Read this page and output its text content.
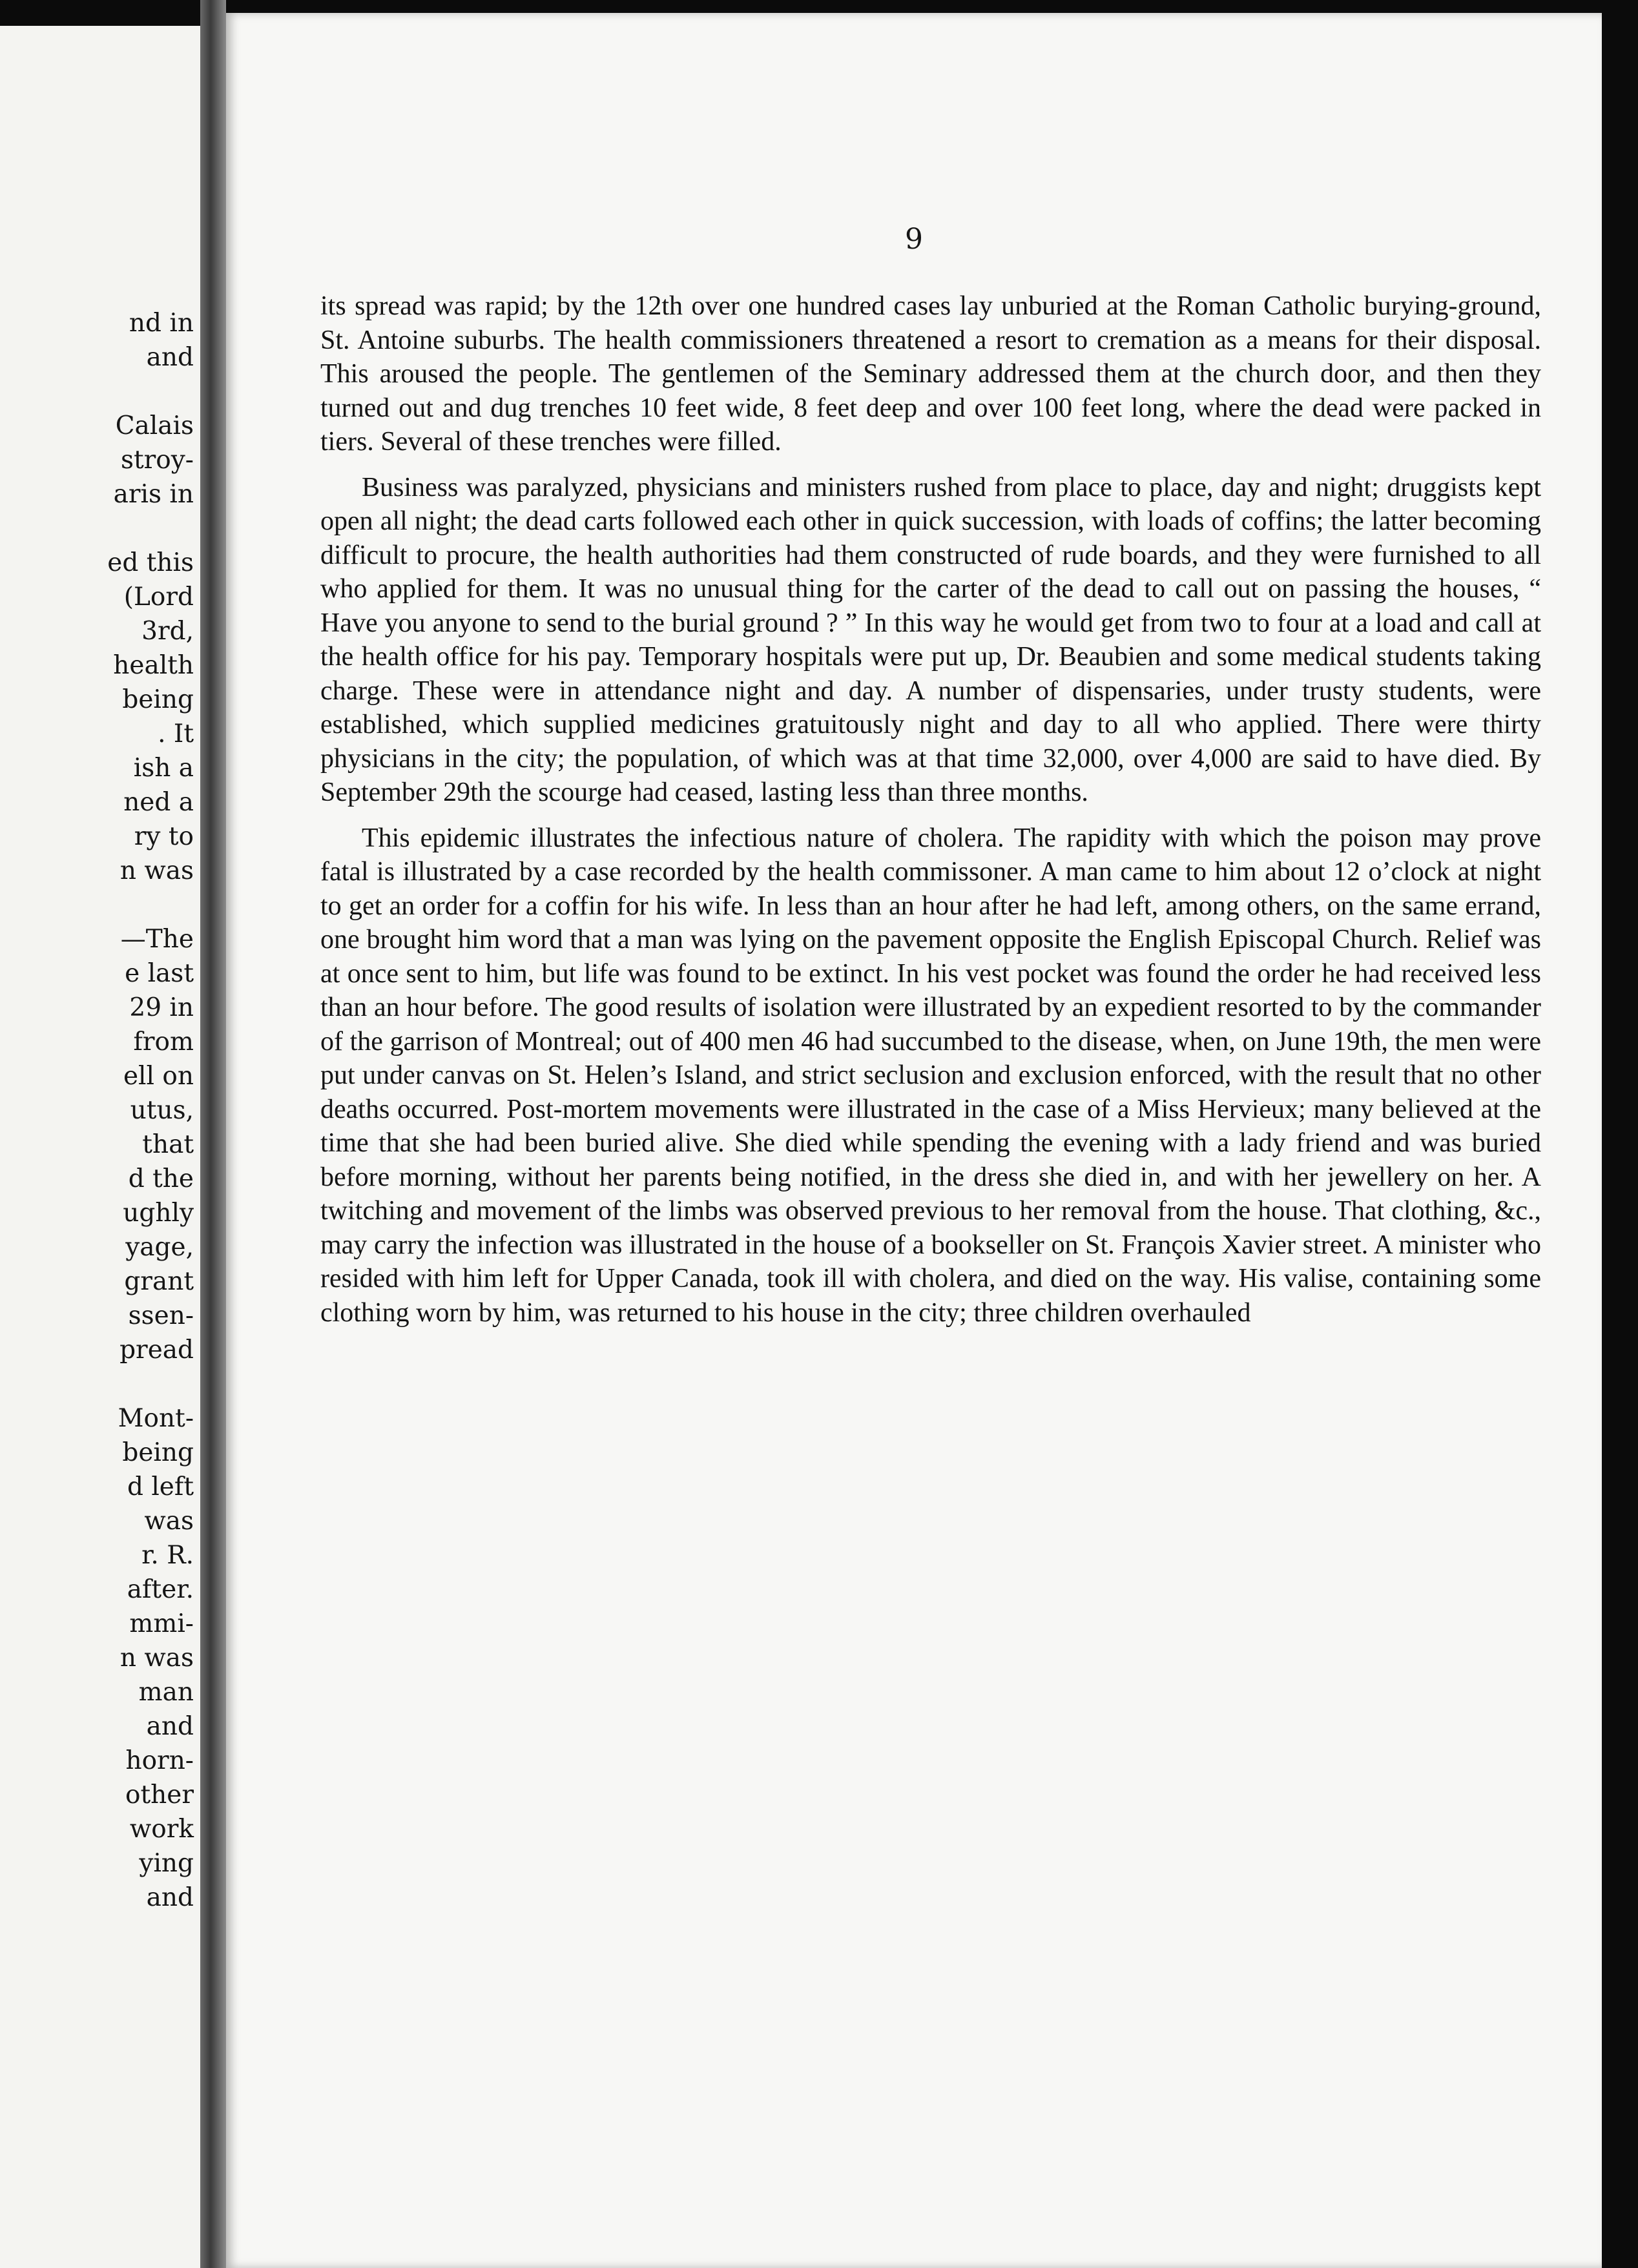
nd in
and
Calais
stroy-
aris in
ed this
(Lord
3rd,
health
being
. It
ish a
ned a
ry to
n was
—The
e last
29 in
from
ell on
utus,
that
d the
ughly
yage,
grant
ssen-
pread
Mont-
being
d left
was
r. R.
after.
mmi-
n was
man
and
horn-
other
work
ying
and
9

its spread was rapid; by the 12th over one hundred cases lay unburied at the Roman Catholic burying-ground, St. Antoine suburbs. The health commissioners threatened a resort to cremation as a means for their disposal. This aroused the people. The gentlemen of the Seminary addressed them at the church door, and then they turned out and dug trenches 10 feet wide, 8 feet deep and over 100 feet long, where the dead were packed in tiers. Several of these trenches were filled.

Business was paralyzed, physicians and ministers rushed from place to place, day and night; druggists kept open all night; the dead carts followed each other in quick succession, with loads of coffins; the latter becoming difficult to procure, the health authorities had them constructed of rude boards, and they were furnished to all who applied for them. It was no unusual thing for the carter of the dead to call out on passing the houses, “ Have you anyone to send to the burial ground ? ” In this way he would get from two to four at a load and call at the health office for his pay. Temporary hospitals were put up, Dr. Beaubien and some medical students taking charge. These were in attendance night and day. A number of dispensaries, under trusty students, were established, which supplied medicines gratuitously night and day to all who applied. There were thirty physicians in the city; the population, of which was at that time 32,000, over 4,000 are said to have died. By September 29th the scourge had ceased, lasting less than three months.

This epidemic illustrates the infectious nature of cholera. The rapidity with which the poison may prove fatal is illustrated by a case recorded by the health commissoner. A man came to him about 12 o’clock at night to get an order for a coffin for his wife. In less than an hour after he had left, among others, on the same errand, one brought him word that a man was lying on the pavement opposite the English Episcopal Church. Relief was at once sent to him, but life was found to be extinct. In his vest pocket was found the order he had received less than an hour before. The good results of isolation were illustrated by an expedient resorted to by the commander of the garrison of Montreal; out of 400 men 46 had succumbed to the disease, when, on June 19th, the men were put under canvas on St. Helen’s Island, and strict seclusion and exclusion enforced, with the result that no other deaths occurred. Post-mortem movements were illustrated in the case of a Miss Hervieux; many believed at the time that she had been buried alive. She died while spending the evening with a lady friend and was buried before morning, without her parents being notified, in the dress she died in, and with her jewellery on her. A twitching and movement of the limbs was observed previous to her removal from the house. That clothing, &c., may carry the infection was illustrated in the house of a bookseller on St. François Xavier street. A minister who resided with him left for Upper Canada, took ill with cholera, and died on the way. His valise, containing some clothing worn by him, was returned to his house in the city; three children overhauled
